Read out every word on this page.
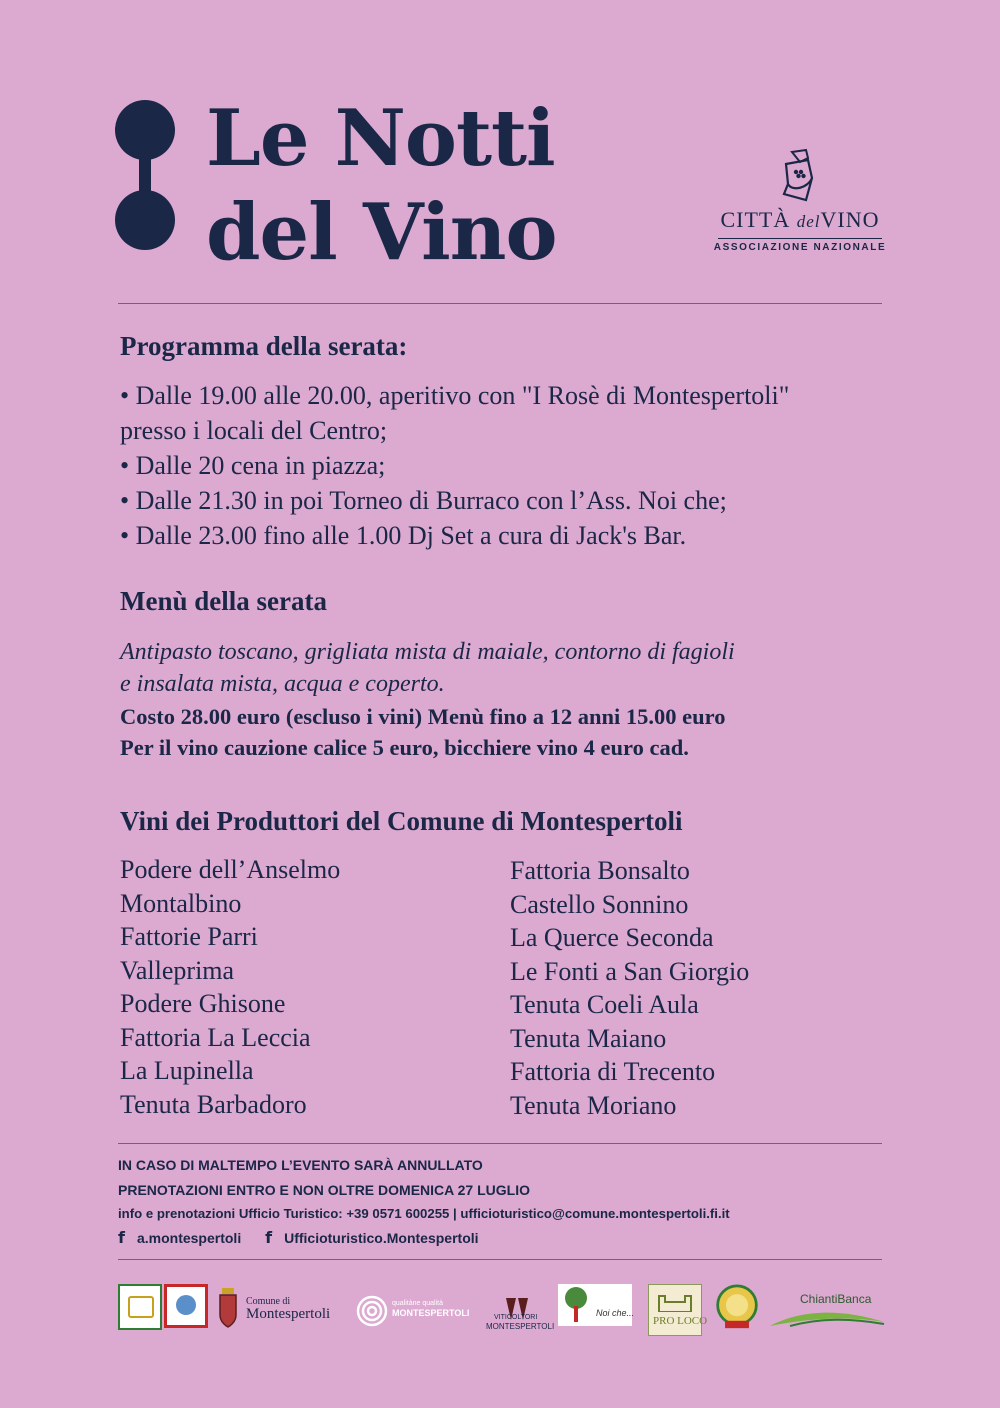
Le Notti
del Vino	CITTÀ delVINO
ASSOCIAZIONE NAZIONALE
Programma della serata:
• Dalle 19.00 alle 20.00, aperitivo con "I Rosè di Montespertoli"
presso i locali del Centro;
• Dalle 20 cena in piazza;
• Dalle 21.30 in poi Torneo di Burraco con l’Ass. Noi che;
• Dalle 23.00 fino alle 1.00 Dj Set a cura di Jack's Bar.
Menù della serata
Antipasto toscano, grigliata mista di maiale, contorno di fagioli
e insalata mista, acqua e coperto.
Costo 28.00 euro (escluso i vini) Menù fino a 12 anni 15.00 euro
Per il vino cauzione calice 5 euro, bicchiere vino 4 euro cad.
Vini dei Produttori del Comune di Montespertoli
Podere dell’Anselmo
Montalbino
Fattorie Parri
Valleprima
Podere Ghisone
Fattoria La Leccia
La Lupinella
Tenuta Barbadoro
Fattoria Bonsalto
Castello Sonnino
La Querce Seconda
Le Fonti a San Giorgio
Tenuta Coeli Aula
Tenuta Maiano
Fattoria di Trecento
Tenuta Moriano
IN CASO DI MALTEMPO L’EVENTO SARÀ ANNULLATO
PRENOTAZIONI ENTRO E NON OLTRE DOMENICA 27 LUGLIO
info e prenotazioni Ufficio Turistico: +39 0571 600255 | ufficioturistico@comune.montespertoli.fi.it
f a.montespertoli
f Ufficioturistico.Montespertoli
Comune di
Montespertoli
qualitàne qualità
MONTESPERTOLI	VITICOLTORI
MONTESPERTOLI
Noi che...
PRO LOCO
ChiantiBanca
